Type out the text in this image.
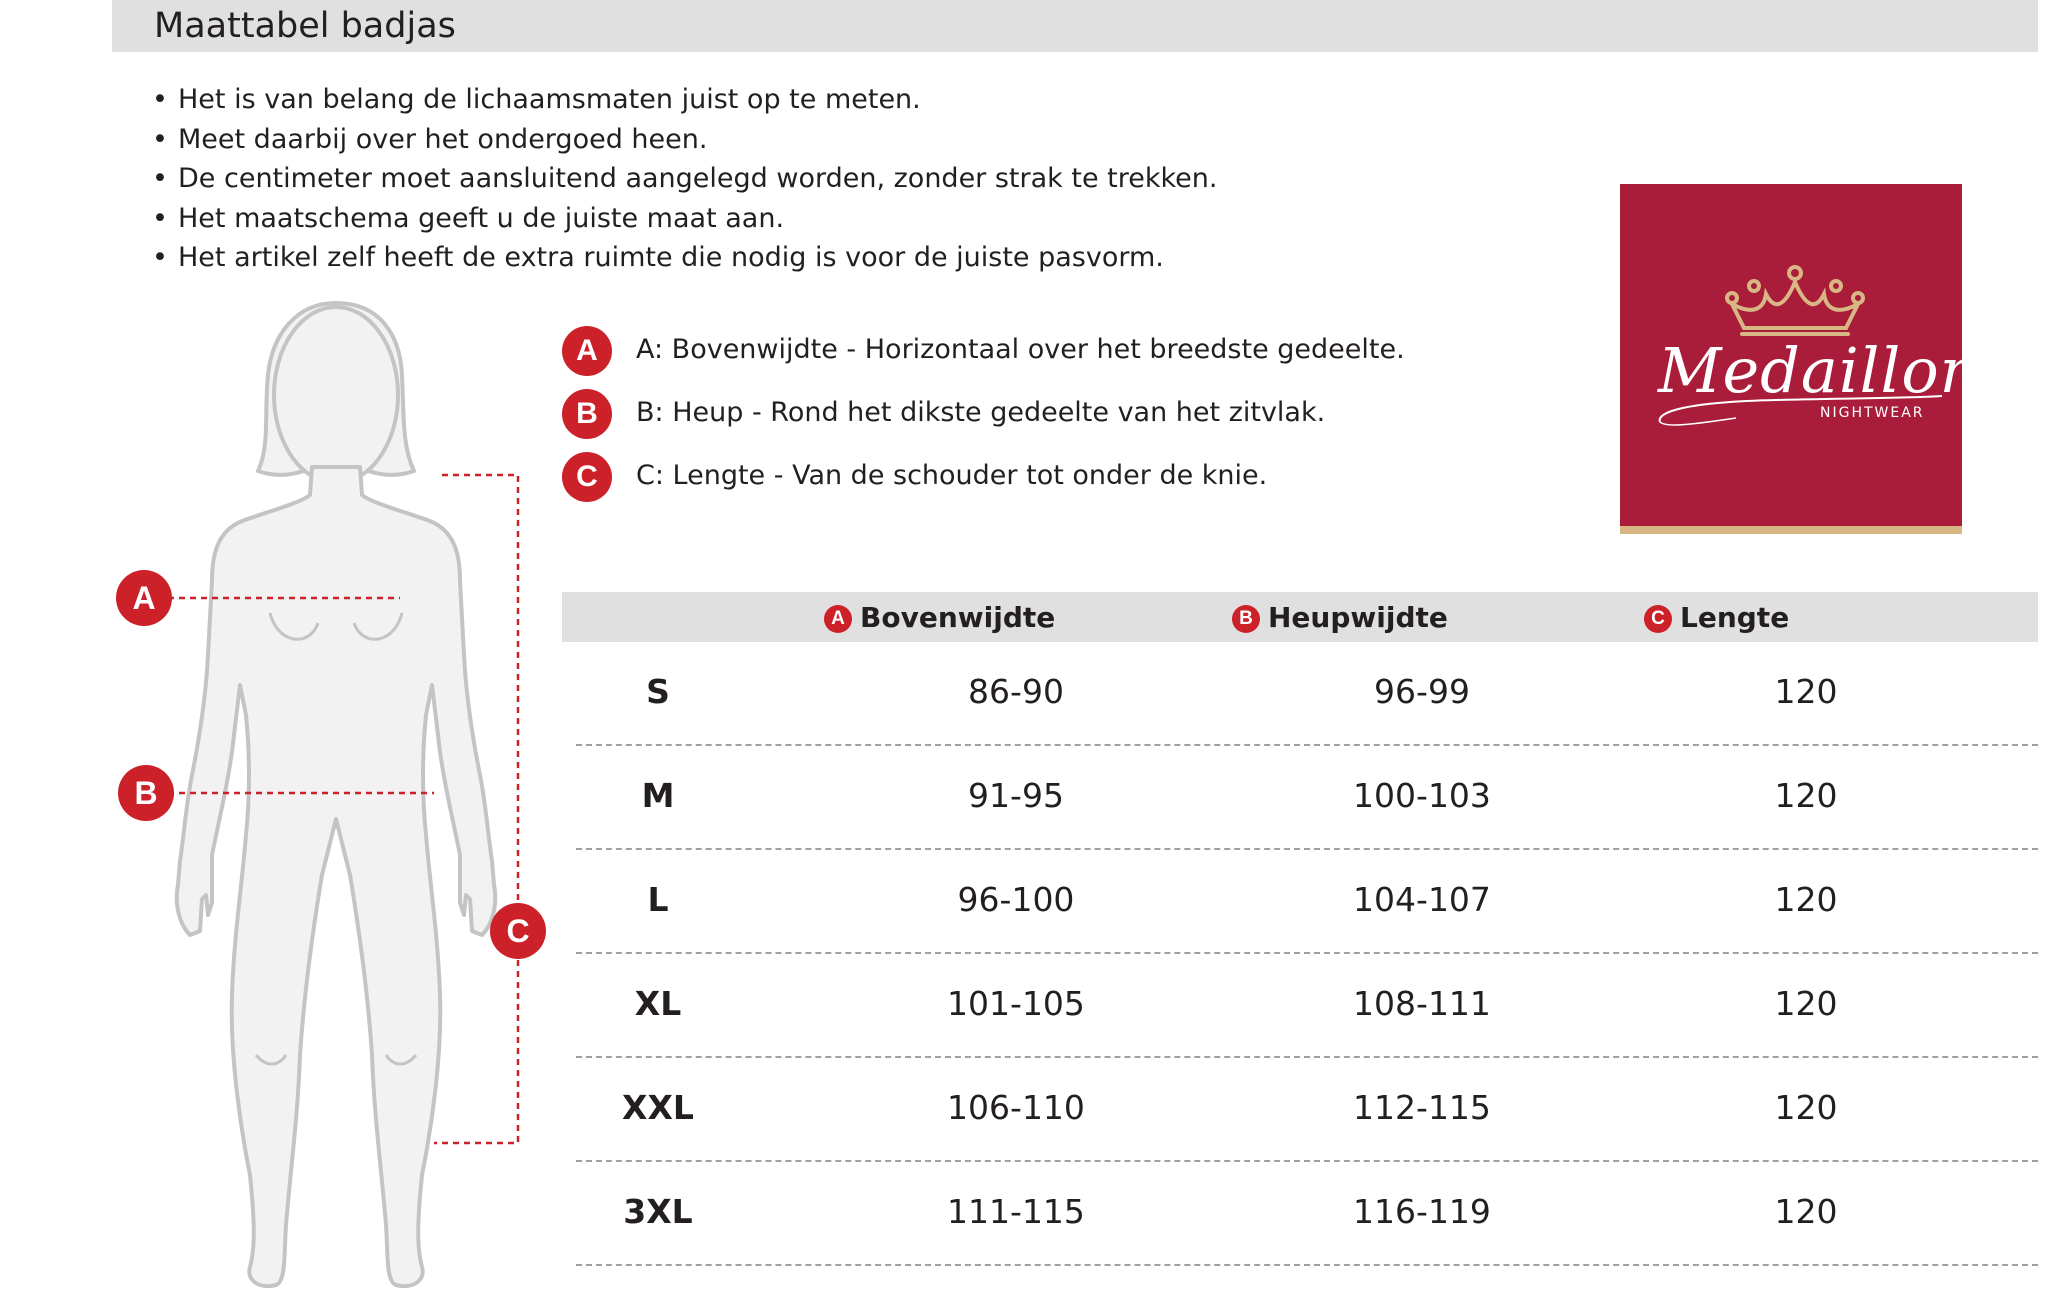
Maattabel badjas
• Het is van belang de lichaamsmaten juist op te meten.
• Meet daarbij over het ondergoed heen.
• De centimeter moet aansluitend aangelegd worden, zonder strak te trekken.
• Het maatschema geeft u de juiste maat aan.
• Het artikel zelf heeft de extra ruimte die nodig is voor de juiste pasvorm.
A
B
C
A	A: Bovenwijdte - Horizontaal over het breedste gedeelte.
B	B: Heup - Rond het dikste gedeelte van het zitvlak.
C	C: Lengte - Van de schouder tot onder de knie.
Medaillon
NIGHTWEAR
A Bovenwijdte	B Heupwijdte	C Lengte
S	86-90	96-99	120
M	91-95	100-103	120
L	96-100	104-107	120
XL	101-105	108-111	120
XXL	106-110	112-115	120
3XL	111-115	116-119	120
